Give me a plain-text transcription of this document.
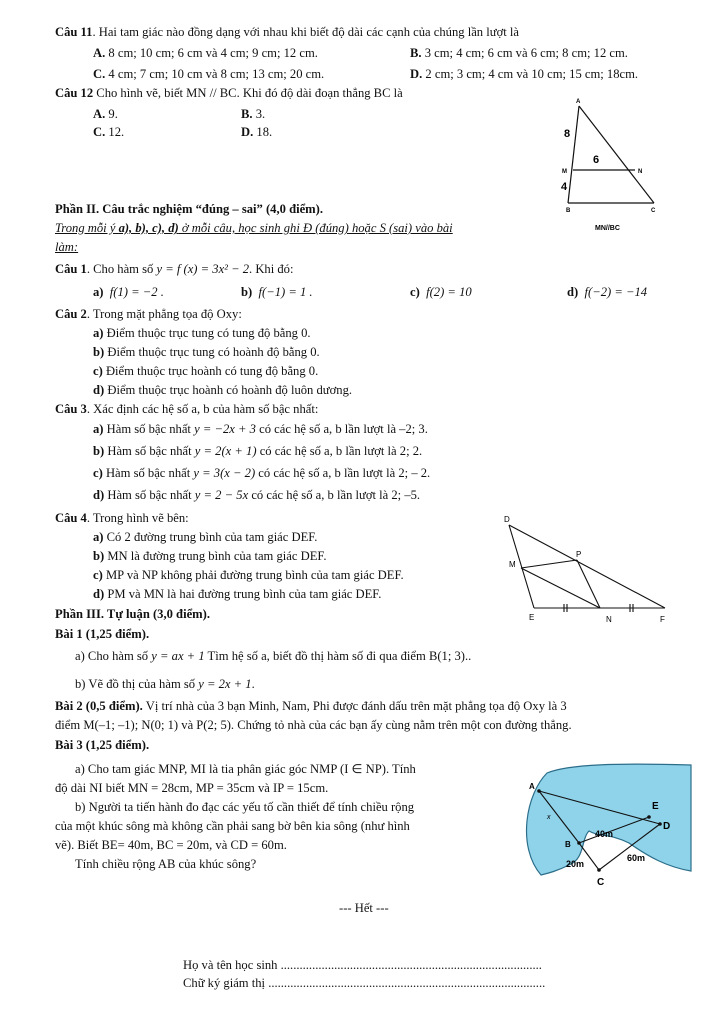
Câu 11. Hai tam giác nào đồng dạng với nhau khi biết độ dài các cạnh của chúng lần lượt là
A. 8 cm; 10 cm; 6 cm và 4 cm; 9 cm; 12 cm.	B. 3 cm; 4 cm; 6 cm và 6 cm; 8 cm; 12 cm.
C. 4 cm; 7 cm; 10 cm và 8 cm; 13 cm; 20 cm.	D. 2 cm; 3 cm; 4 cm và 10 cm; 15 cm; 18cm.
Câu 12 Cho hình vẽ, biết MN // BC. Khi đó độ dài đoạn thẳng BC là
A. 9.	B. 3.
C. 12.	D. 18.
A
8
M
6
N
4
B	C
MN//BC
Phần II. Câu trắc nghiệm “đúng – sai” (4,0 điểm).
Trong mỗi ý a), b), c), d) ở mỗi câu, học sinh ghi Đ (đúng) hoặc S (sai) vào bài
làm:
Câu 1. Cho hàm số y = f (x) = 3x² − 2. Khi đó:
a) f(1) = −2 .	b) f(−1) = 1 .	c) f(2) = 10	d) f(−2) = −14
Câu 2. Trong mặt phẳng tọa độ Oxy:
a) Điểm thuộc trục tung có tung độ bằng 0.
b) Điểm thuộc trục tung có hoành độ bằng 0.
c) Điểm thuộc trục hoành có tung độ bằng 0.
d) Điểm thuộc trục hoành có hoành độ luôn dương.
Câu 3. Xác định các hệ số a, b của hàm số bậc nhất:
a) Hàm số bậc nhất y = −2x + 3 có các hệ số a, b lần lượt là –2; 3.
b) Hàm số bậc nhất y = 2(x + 1) có các hệ số a, b lần lượt là 2; 2.
c) Hàm số bậc nhất y = 3(x − 2) có các hệ số a, b lần lượt là 2; – 2.
d) Hàm số bậc nhất y = 2 − 5x có các hệ số a, b lần lượt là 2; –5.
Câu 4. Trong hình vẽ bên:
a) Có 2 đường trung bình của tam giác DEF.
b) MN là đường trung bình của tam giác DEF.
c) MP và NP không phải đường trung bình của tam giác DEF.
d) PM và MN là hai đường trung bình của tam giác DEF.
D
P
M
E	N	F
Phần III. Tự luận (3,0 điểm).
Bài 1 (1,25 điểm).
a) Cho hàm số y = ax + 1 Tìm hệ số a, biết đồ thị hàm số đi qua điểm B(1; 3)..
b) Vẽ đồ thị của hàm số y = 2x + 1.
Bài 2 (0,5 điểm). Vị trí nhà của 3 bạn Minh, Nam, Phi được đánh dấu trên mặt phẳng tọa độ Oxy là 3
điểm M(–1; –1); N(0; 1) và P(2; 5). Chứng tỏ nhà của các bạn ấy cùng nằm trên một con đường thẳng.
Bài 3 (1,25 điểm).
a) Cho tam giác MNP, MI là tia phân giác góc NMP (I ∈ NP). Tính
độ dài NI biết MN = 28cm, MP = 35cm và IP = 15cm.
b) Người ta tiến hành đo đạc các yếu tố cần thiết để tính chiều rộng
của một khúc sông mà không cần phải sang bờ bên kia sông (như hình
vẽ). Biết BE= 40m, BC = 20m, và CD = 60m.
Tính chiều rộng AB của khúc sông?
A
E
D
B
C
x
40m
20m
60m
--- Hết ---
Họ và tên học sinh ...................................................................................
Chữ ký giám thị ........................................................................................
